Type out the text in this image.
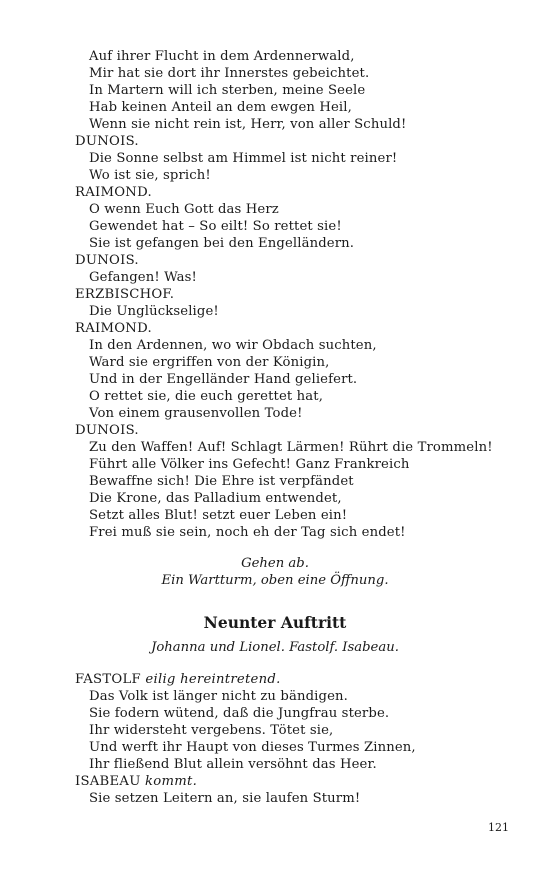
Auf ihrer Flucht in dem Ardennerwald,
Mir hat sie dort ihr Innerstes gebeichtet.
In Martern will ich sterben, meine Seele
Hab keinen Anteil an dem ewgen Heil,
Wenn sie nicht rein ist, Herr, von aller Schuld!
DUNOIS.
Die Sonne selbst am Himmel ist nicht reiner!
Wo ist sie, sprich!
RAIMOND.
O wenn Euch Gott das Herz
Gewendet hat – So eilt! So rettet sie!
Sie ist gefangen bei den Engelländern.
DUNOIS.
Gefangen! Was!
ERZBISCHOF.
Die Unglückselige!
RAIMOND.
In den Ardennen, wo wir Obdach suchten,
Ward sie ergriffen von der Königin,
Und in der Engelländer Hand geliefert.
O rettet sie, die euch gerettet hat,
Von einem grausenvollen Tode!
DUNOIS.
Zu den Waffen! Auf! Schlagt Lärmen! Rührt die Trommeln!
Führt alle Völker ins Gefecht! Ganz Frankreich
Bewaffne sich! Die Ehre ist verpfändet
Die Krone, das Palladium entwendet,
Setzt alles Blut! setzt euer Leben ein!
Frei muß sie sein, noch eh der Tag sich endet!
Gehen ab.
Ein Wartturm, oben eine Öffnung.
Neunter Auftritt
Johanna und Lionel. Fastolf. Isabeau.
FASTOLF eilig hereintretend.
Das Volk ist länger nicht zu bändigen.
Sie fodern wütend, daß die Jungfrau sterbe.
Ihr widersteht vergebens. Tötet sie,
Und werft ihr Haupt von dieses Turmes Zinnen,
Ihr fließend Blut allein versöhnt das Heer.
ISABEAU kommt.
Sie setzen Leitern an, sie laufen Sturm!
121
